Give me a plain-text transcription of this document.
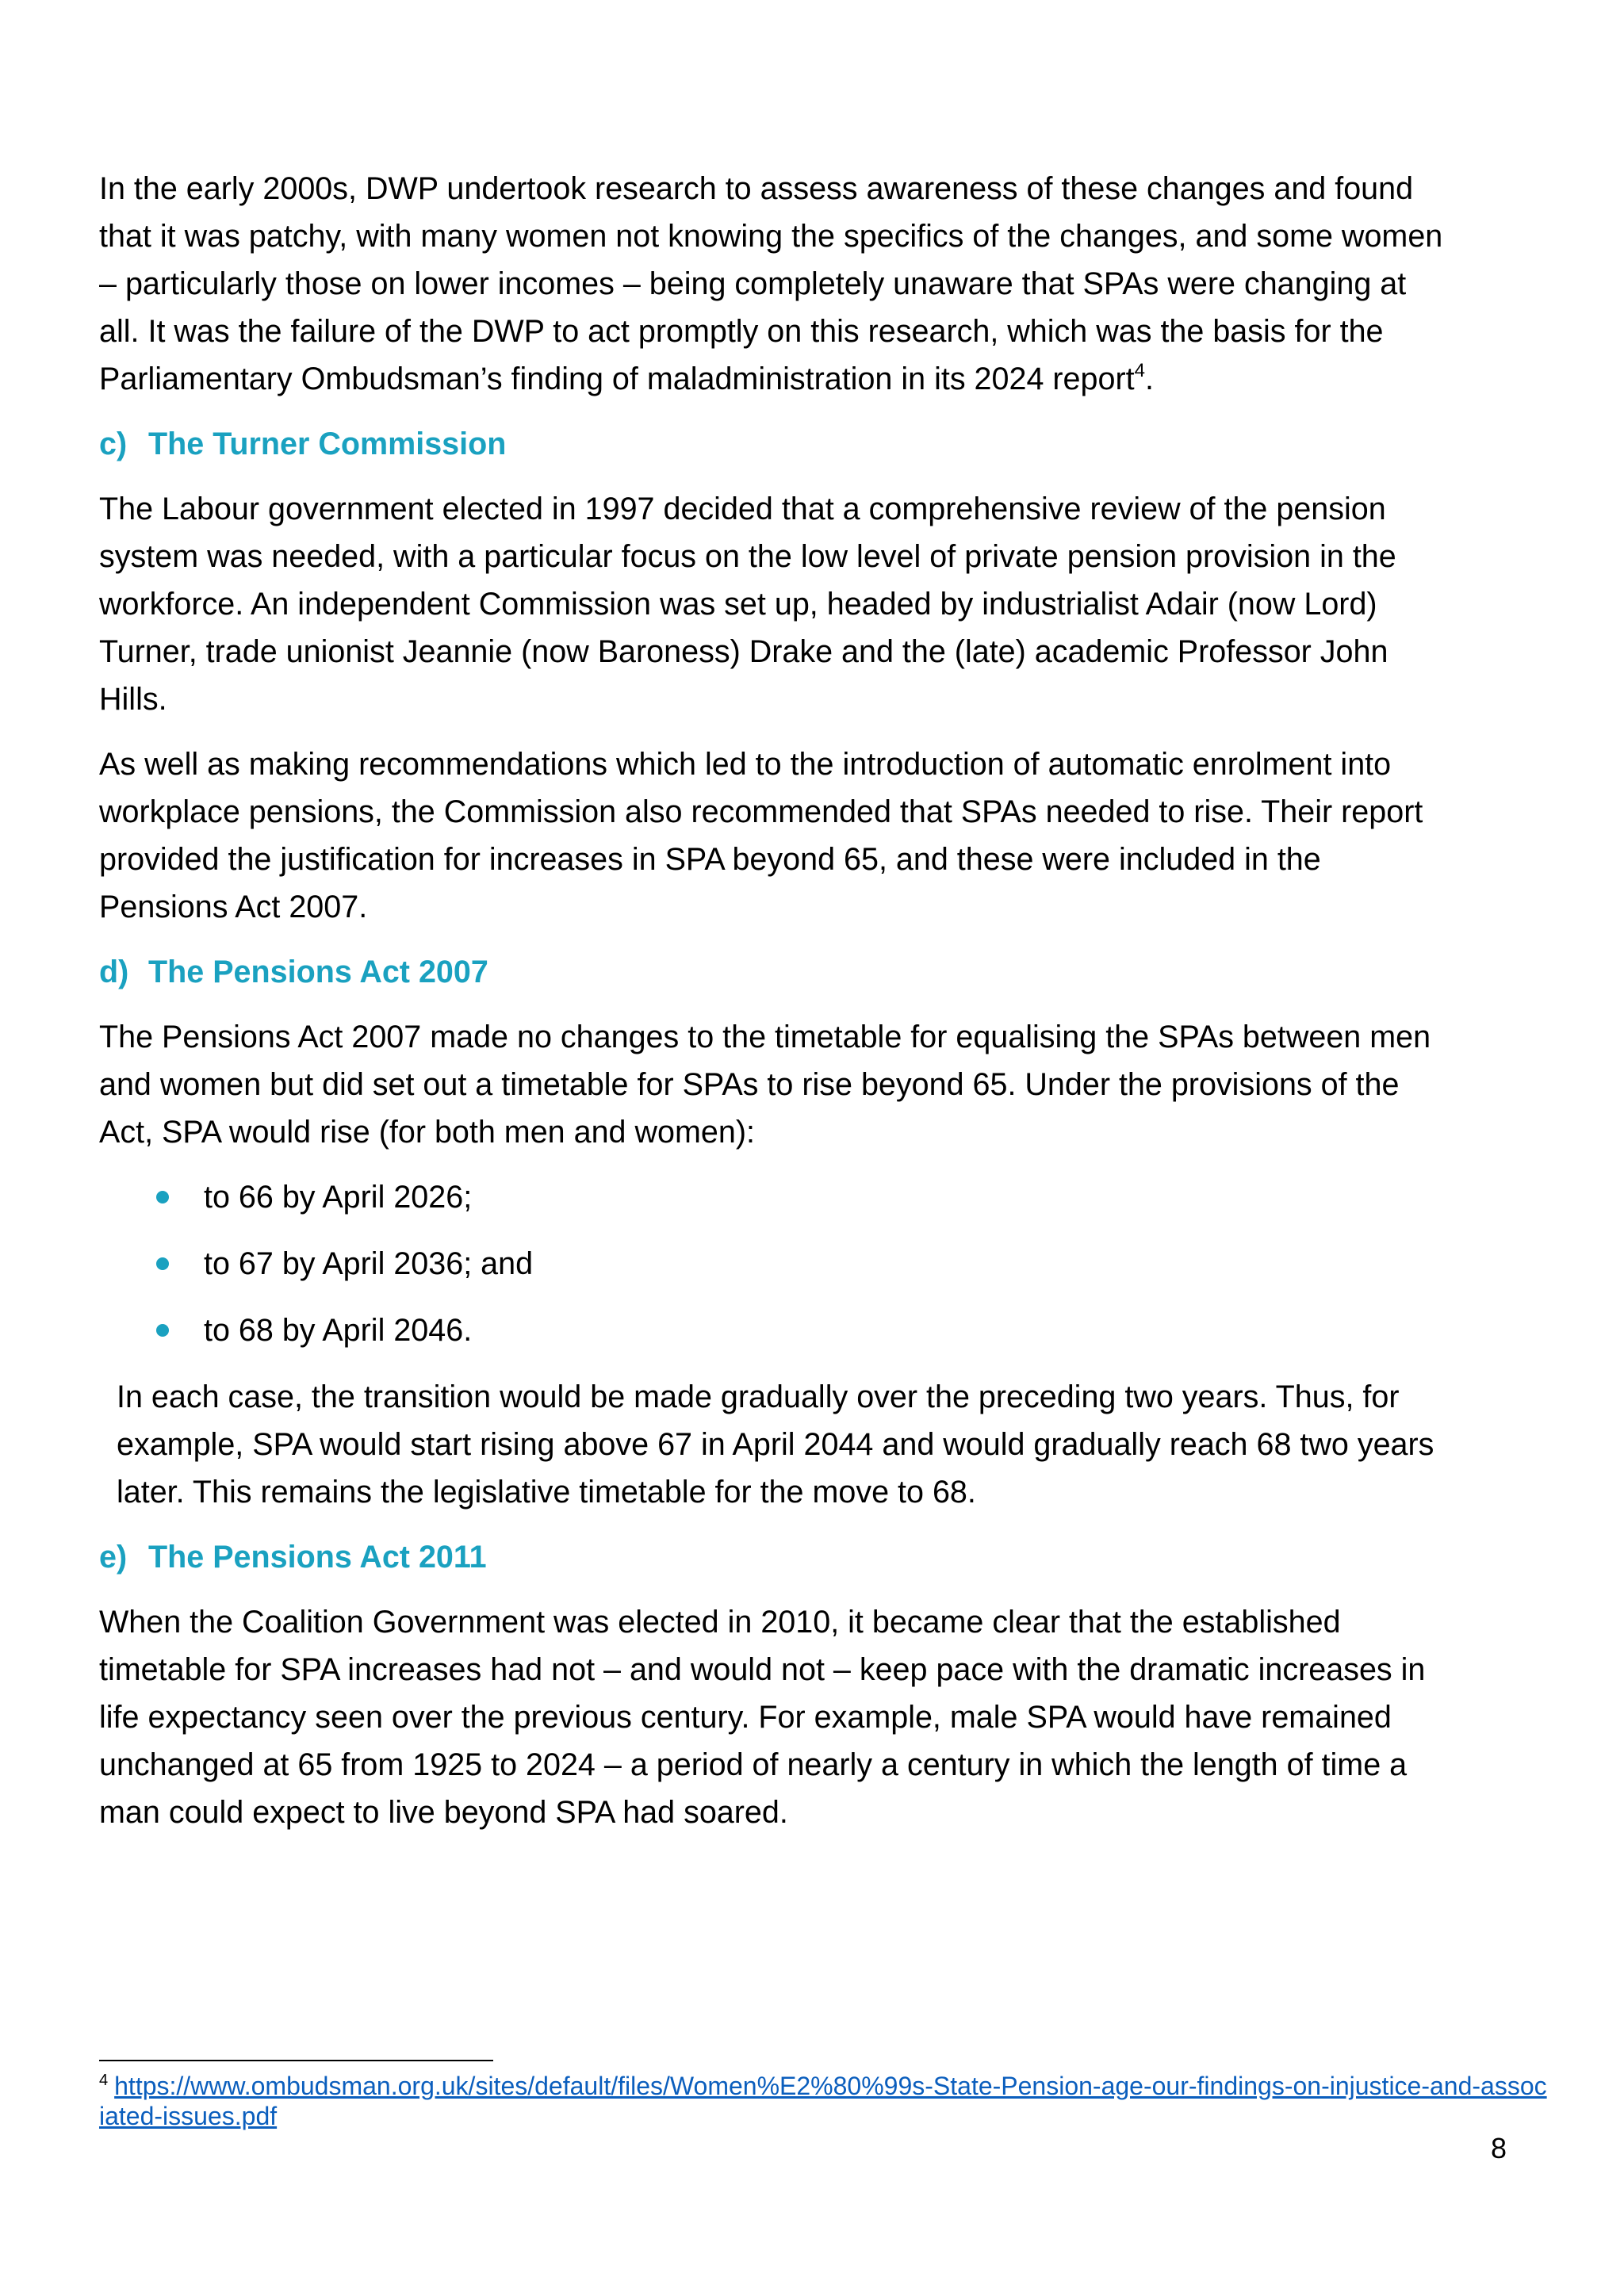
In the early 2000s, DWP undertook research to assess awareness of these changes and found that it was patchy, with many women not knowing the specifics of the changes, and some women – particularly those on lower incomes – being completely unaware that SPAs were changing at all. It was the failure of the DWP to act promptly on this research, which was the basis for the Parliamentary Ombudsman’s finding of maladministration in its 2024 report$^4$.

c) The Turner Commission

The Labour government elected in 1997 decided that a comprehensive review of the pension system was needed, with a particular focus on the low level of private pension provision in the workforce. An independent Commission was set up, headed by industrialist Adair (now Lord) Turner, trade unionist Jeannie (now Baroness) Drake and the (late) academic Professor John Hills.

As well as making recommendations which led to the introduction of automatic enrolment into workplace pensions, the Commission also recommended that SPAs needed to rise. Their report provided the justification for increases in SPA beyond 65, and these were included in the Pensions Act 2007.

d) The Pensions Act 2007

The Pensions Act 2007 made no changes to the timetable for equalising the SPAs between men and women but did set out a timetable for SPAs to rise beyond 65. Under the provisions of the Act, SPA would rise (for both men and women):

to 66 by April 2026;
to 67 by April 2036; and
to 68 by April 2046.

In each case, the transition would be made gradually over the preceding two years. Thus, for example, SPA would start rising above 67 in April 2044 and would gradually reach 68 two years later. This remains the legislative timetable for the move to 68.

e) The Pensions Act 2011

When the Coalition Government was elected in 2010, it became clear that the established timetable for SPA increases had not – and would not – keep pace with the dramatic increases in life expectancy seen over the previous century. For example, male SPA would have remained unchanged at 65 from 1925 to 2024 – a period of nearly a century in which the length of time a man could expect to live beyond SPA had soared.

$^4$ https://www.ombudsman.org.uk/sites/default/files/Women%E2%80%99s-State-Pension-age-our-findings-on-injustice-and-associated-issues.pdf
8
